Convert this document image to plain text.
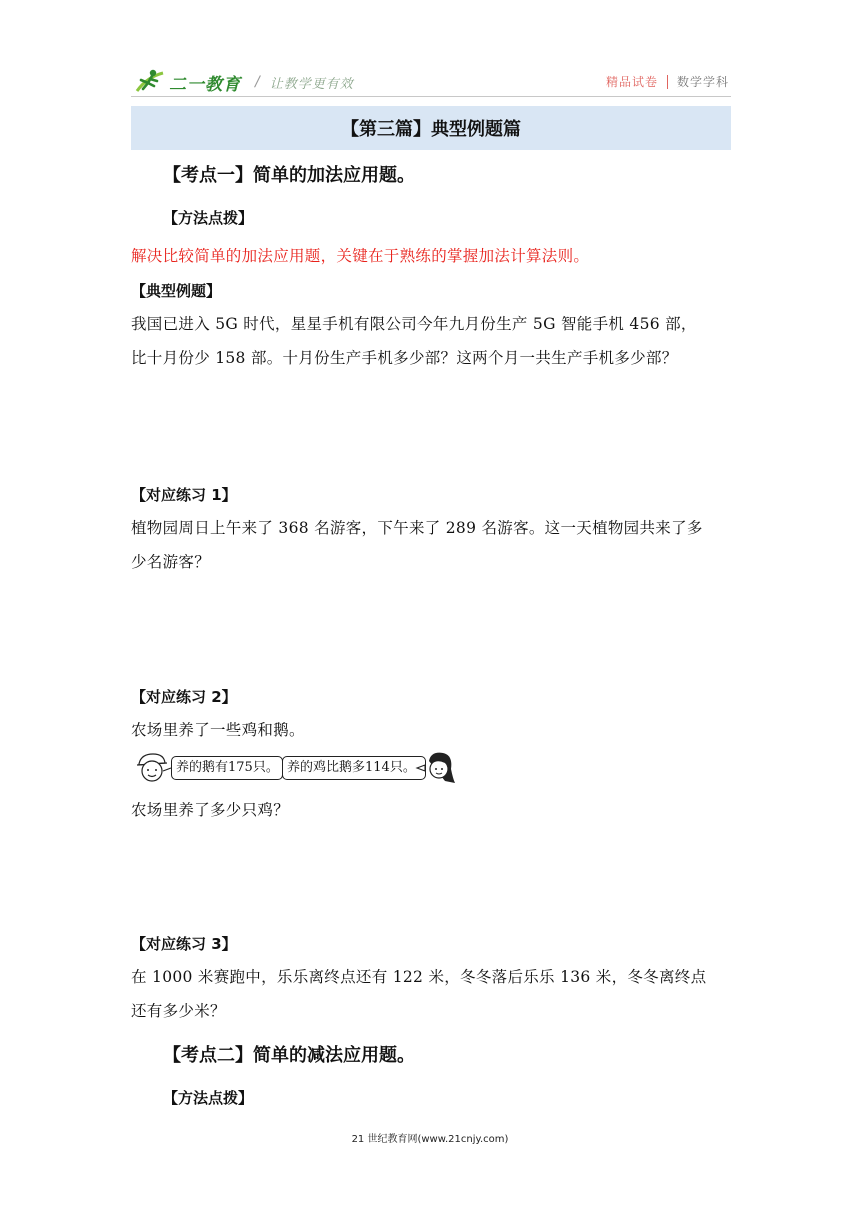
二一教育 / 让教学更有效	精品试卷 数学学科
【第三篇】典型例题篇
【考点一】简单的加法应用题。
【方法点拨】
解决比较简单的加法应用题，关键在于熟练的掌握加法计算法则。
【典型例题】
我国已进入 5G 时代，星星手机有限公司今年九月份生产 5G 智能手机 456 部，
比十月份少 158 部。十月份生产手机多少部？这两个月一共生产手机多少部？
【对应练习 1】
植物园周日上午来了 368 名游客，下午来了 289 名游客。这一天植物园共来了多
少名游客？
【对应练习 2】
农场里养了一些鸡和鹅。
养的鹅有175只。 养的鸡比鹅多114只。
农场里养了多少只鸡？
【对应练习 3】
在 1000 米赛跑中，乐乐离终点还有 122 米，冬冬落后乐乐 136 米，冬冬离终点
还有多少米？
【考点二】简单的减法应用题。
【方法点拨】
21 世纪教育网(www.21cnjy.com)
